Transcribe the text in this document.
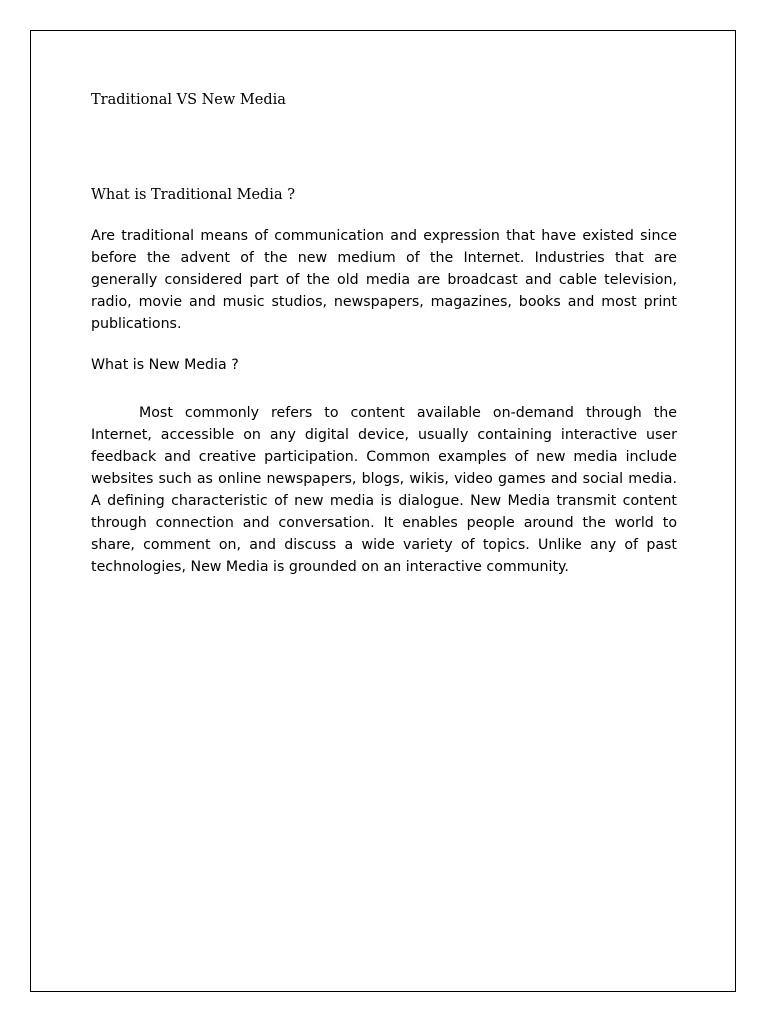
Traditional VS New Media
What is Traditional Media ?
Are traditional means of communication and expression that have existed since before the advent of the new medium of the Internet. Industries that are generally considered part of the old media are broadcast and cable television, radio, movie and music studios, newspapers, magazines, books and most print publications.
What is New Media ?
Most commonly refers to content available on-demand through the Internet, accessible on any digital device, usually containing interactive user feedback and creative participation. Common examples of new media include websites such as online newspapers, blogs, wikis, video games and social media. A defining characteristic of new media is dialogue. New Media transmit content through connection and conversation. It enables people around the world to share, comment on, and discuss a wide variety of topics. Unlike any of past technologies, New Media is grounded on an interactive community.
